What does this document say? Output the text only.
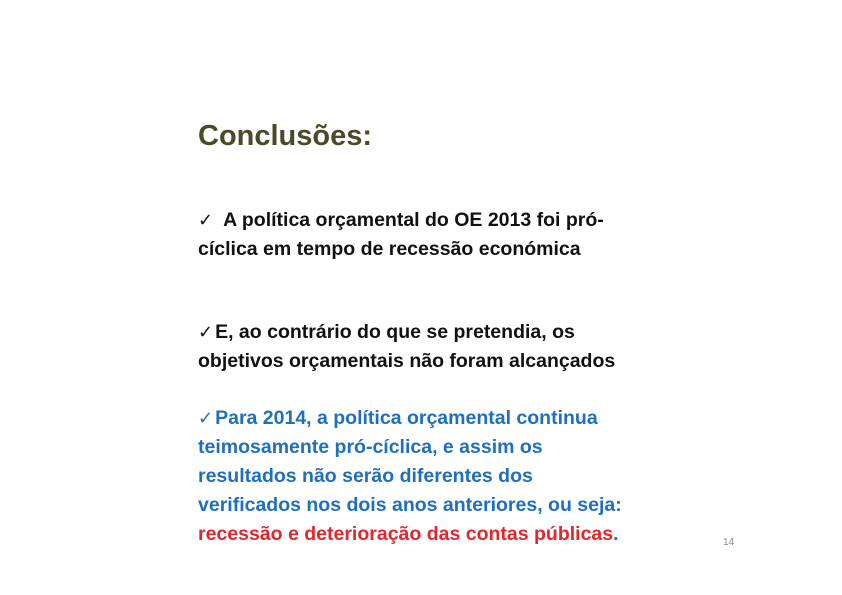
Conclusões:
✓ A política orçamental do OE 2013 foi pró-
cíclica em tempo de recessão económica
✓ E, ao contrário do que se pretendia, os
objetivos orçamentais não foram alcançados
✓ Para 2014, a política orçamental continua
teimosamente pró-cíclica, e assim os
resultados não serão diferentes dos
verificados nos dois anos anteriores, ou seja:
recessão e deterioração das contas públicas.	14
